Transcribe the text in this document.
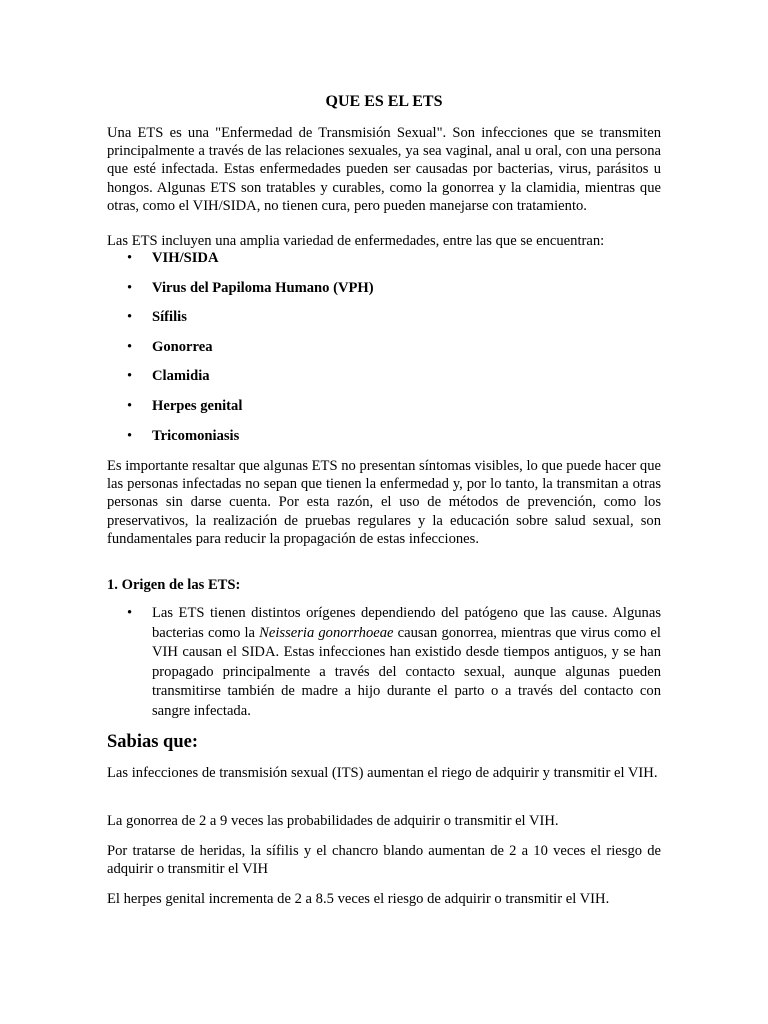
QUE ES EL ETS

Una ETS es una "Enfermedad de Transmisión Sexual". Son infecciones que se transmiten principalmente a través de las relaciones sexuales, ya sea vaginal, anal u oral, con una persona que esté infectada. Estas enfermedades pueden ser causadas por bacterias, virus, parásitos u hongos. Algunas ETS son tratables y curables, como la gonorrea y la clamidia, mientras que otras, como el VIH/SIDA, no tienen cura, pero pueden manejarse con tratamiento.

Las ETS incluyen una amplia variedad de enfermedades, entre las que se encuentran:

• VIH/SIDA
• Virus del Papiloma Humano (VPH)
• Sífilis
• Gonorrea
• Clamidia
• Herpes genital
• Tricomoniasis

Es importante resaltar que algunas ETS no presentan síntomas visibles, lo que puede hacer que las personas infectadas no sepan que tienen la enfermedad y, por lo tanto, la transmitan a otras personas sin darse cuenta. Por esta razón, el uso de métodos de prevención, como los preservativos, la realización de pruebas regulares y la educación sobre salud sexual, son fundamentales para reducir la propagación de estas infecciones.

1. Origen de las ETS:
• Las ETS tienen distintos orígenes dependiendo del patógeno que las cause. Algunas bacterias como la Neisseria gonorrhoeae causan gonorrea, mientras que virus como el VIH causan el SIDA. Estas infecciones han existido desde tiempos antiguos, y se han propagado principalmente a través del contacto sexual, aunque algunas pueden transmitirse también de madre a hijo durante el parto o a través del contacto con sangre infectada.

Sabias que:

Las infecciones de transmisión sexual (ITS) aumentan el riego de adquirir y transmitir el VIH.

La gonorrea de 2 a 9 veces las probabilidades de adquirir o transmitir el VIH.

Por tratarse de heridas, la sífilis y el chancro blando aumentan de 2 a 10 veces el riesgo de adquirir o transmitir el VIH

El herpes genital incrementa de 2 a 8.5 veces el riesgo de adquirir o transmitir el VIH.
